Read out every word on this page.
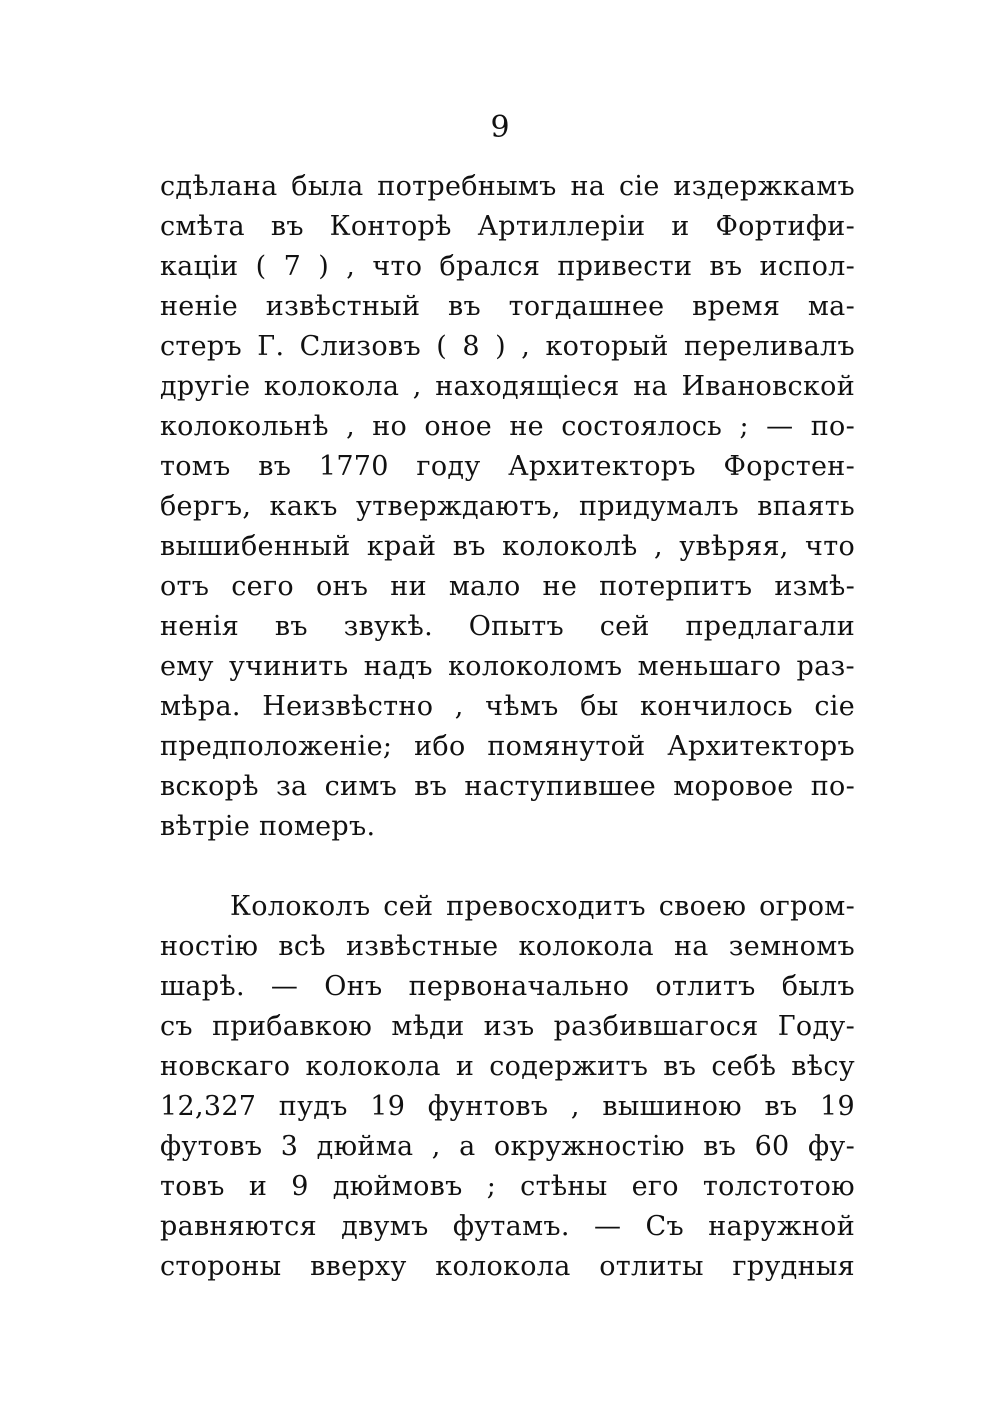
9
сдѣлана была потребнымъ на сіе издержкамъ
смѣта въ Конторѣ Артиллеріи и Фортифи-
каціи ( 7 ) , что брался привести въ испол-
неніе извѣстный въ тогдашнее время ма-
стеръ Г. Слизовъ ( 8 ) , который переливалъ
другіе колокола , находящіеся на Ивановской
колокольнѣ , но оное не состоялось ; — по-
томъ въ 1770 году Архитекторъ Форстен-
бергъ, какъ утверждаютъ, придумалъ впаять
вышибенный край въ колоколѣ , увѣряя, что
отъ сего онъ ни мало не потерпитъ измѣ-
ненія въ звукѣ. Опытъ сей предлагали
ему учинить надъ колоколомъ меньшаго раз-
мѣра. Неизвѣстно , чѣмъ бы кончилось сіе
предположеніе; ибо помянутой Архитекторъ
вскорѣ за симъ въ наступившее моровое по-
вѣтріе померъ.
Колоколъ сей превосходитъ своею огром-
ностію всѣ извѣстные колокола на земномъ
шарѣ. — Онъ первоначально отлитъ былъ
съ прибавкою мѣди изъ разбившагося Году-
новскаго колокола и содержитъ въ себѣ вѣсу
12,327 пудъ 19 фунтовъ , вышиною въ 19
футовъ 3 дюйма , а окружностію въ 60 фу-
товъ и 9 дюймовъ ; стѣны его толстотою
равняются двумъ футамъ. — Съ наружной
стороны вверху колокола отлиты грудныя
